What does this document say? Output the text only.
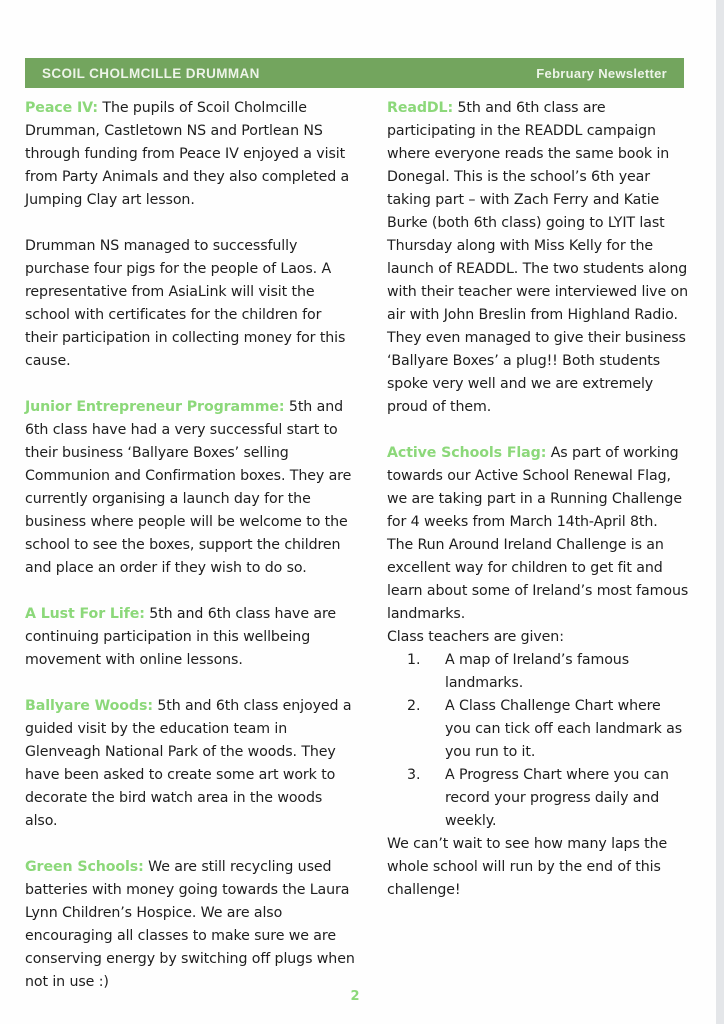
SCOIL CHOLMCILLE DRUMMAN	February Newsletter

Peace IV: The pupils of Scoil Cholmcille Drumman, Castletown NS and Portlean NS through funding from Peace IV enjoyed a visit from Party Animals and they also completed a Jumping Clay art lesson.

Drumman NS managed to successfully purchase four pigs for the people of Laos. A representative from AsiaLink will visit the school with certificates for the children for their participation in collecting money for this cause.

Junior Entrepreneur Programme: 5th and 6th class have had a very successful start to their business ‘Ballyare Boxes’ selling Communion and Confirmation boxes. They are currently organising a launch day for the business where people will be welcome to the school to see the boxes, support the children and place an order if they wish to do so.

A Lust For Life: 5th and 6th class have are continuing participation in this wellbeing movement with online lessons.

Ballyare Woods: 5th and 6th class enjoyed a guided visit by the education team in Glenveagh National Park of the woods. They have been asked to create some art work to decorate the bird watch area in the woods also.

Green Schools: We are still recycling used batteries with money going towards the Laura Lynn Children’s Hospice. We are also encouraging all classes to make sure we are conserving energy by switching off plugs when not in use :)

ReadDL: 5th and 6th class are participating in the READDL campaign where everyone reads the same book in Donegal. This is the school’s 6th year taking part – with Zach Ferry and Katie Burke (both 6th class) going to LYIT last Thursday along with Miss Kelly for the launch of READDL. The two students along with their teacher were interviewed live on air with John Breslin from Highland Radio. They even managed to give their business ‘Ballyare Boxes’ a plug!! Both students spoke very well and we are extremely proud of them.

Active Schools Flag: As part of working towards our Active School Renewal Flag, we are taking part in a Running Challenge for 4 weeks from March 14th-April 8th.

The Run Around Ireland Challenge is an excellent way for children to get fit and learn about some of Ireland’s most famous landmarks.

Class teachers are given:

A map of Ireland’s famous landmarks.
A Class Challenge Chart where you can tick off each landmark as you run to it.
A Progress Chart where you can record your progress daily and weekly.

We can’t wait to see how many laps the whole school will run by the end of this challenge!

2
